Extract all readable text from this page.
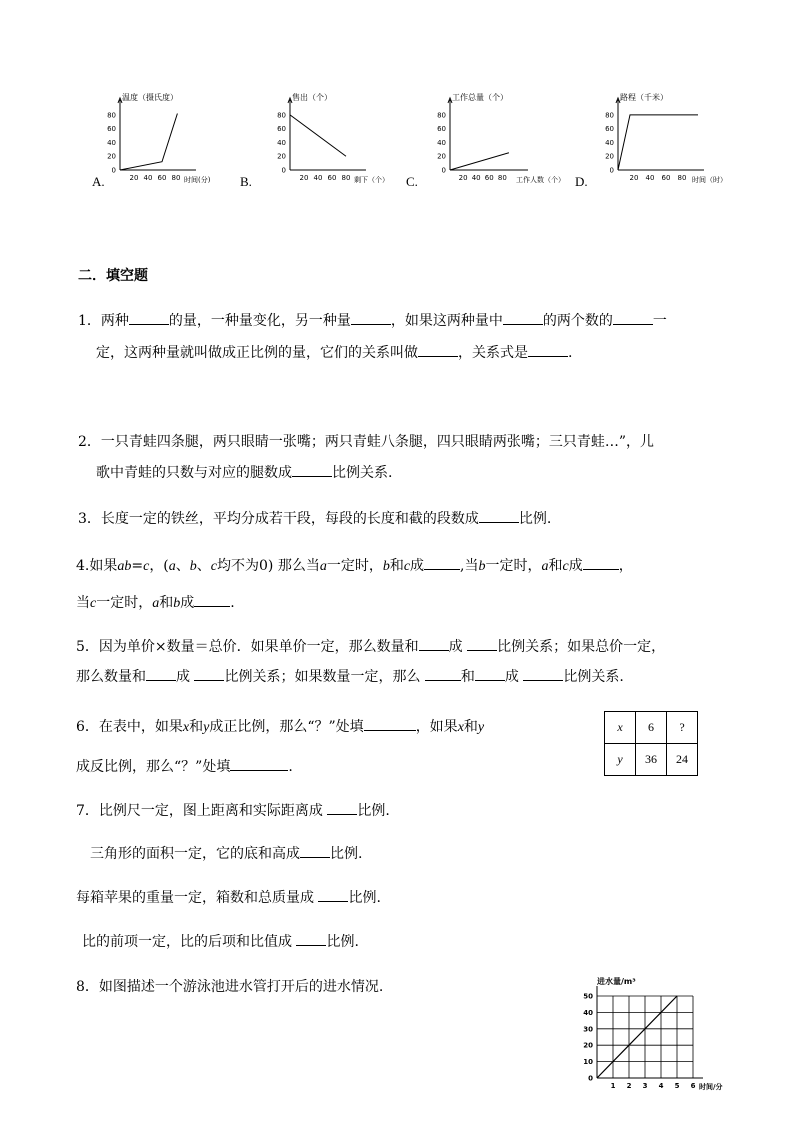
温度（摄氏度）
时间(分)
0
20
40
60
80
20 40 60 80
A.
售出（个）
剩下（个）
0
20
40
60
80
20 40 60 80
B.
工作总量（个）
工作人数（个）
0
20
40
60
80
20 40 60 80
C.
路程（千米）
时间（时）
0
20
40
60
80
20 40 60 80
D.
二．填空题
1．两种	的量，一种量变化，另一种量	，如果这两种量中	的两个数的	一
定，这两种量就叫做成正比例的量，它们的关系叫做	，关系式是	.
2．一只青蛙四条腿，两只眼睛一张嘴；两只青蛙八条腿，四只眼睛两张嘴；三只青蛙…”，儿
歌中青蛙的只数与对应的腿数成	比例关系.
3．长度一定的铁丝，平均分成若干段，每段的长度和截的段数成	比例.
4.如果ab=c，(a、b、c均不为0) 那么当a一定时，b和c成	,当b一定时，a和c成	，
当c一定时，a和b成	.
5．因为单价×数量＝总价．如果单价一定，那么数量和 成 比例关系；如果总价一定，
那么数量和 成 比例关系；如果数量一定，那么	和 成	比例关系.
6．在表中，如果x和y成正比例，那么“？”处填	，如果x和y
成反比例，那么“？”处填	.
x	6	?
y	36	24
7．比例尺一定，图上距离和实际距离成 比例.
三角形的面积一定，它的底和高成 比例.
每箱苹果的重量一定，箱数和总质量成 比例.
比的前项一定，比的后项和比值成 比例.
8．如图描述一个游泳池进水管打开后的进水情况.	进水量/m³
时间/分
0
10
20
30
40
50
1 2 3 4 5 6
